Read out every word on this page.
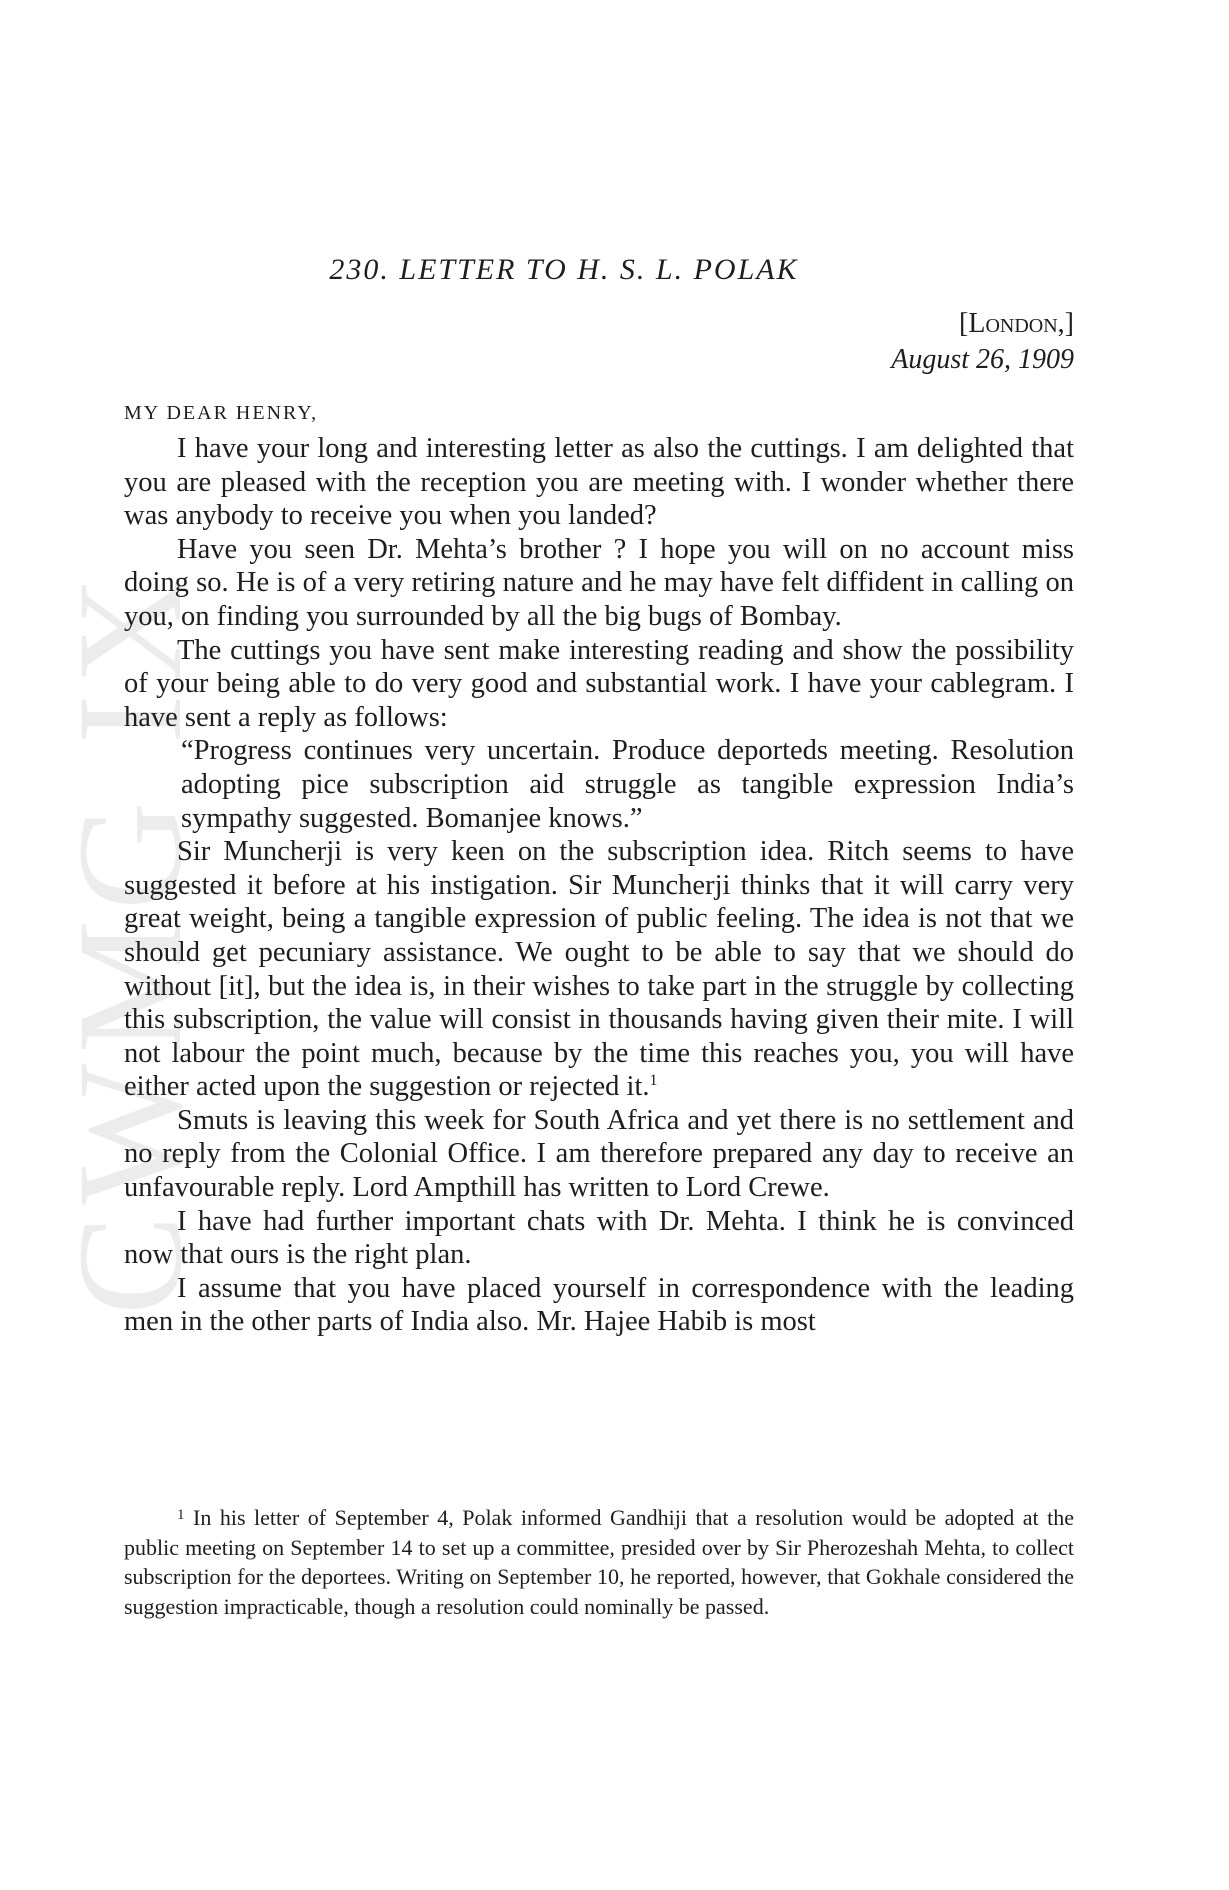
CWMG IX
230. LETTER TO H. S. L. POLAK
[London,]
August 26, 1909
MY DEAR HENRY,

I have your long and interesting letter as also the cuttings. I am delighted that you are pleased with the reception you are meeting with. I wonder whether there was anybody to receive you when you landed?

Have you seen Dr. Mehta’s brother ? I hope you will on no account miss doing so. He is of a very retiring nature and he may have felt diffident in calling on you, on finding you surrounded by all the big bugs of Bombay.

The cuttings you have sent make interesting reading and show the possibility of your being able to do very good and substantial work. I have your cablegram. I have sent a reply as follows:

“Progress continues very uncertain. Produce deporteds meeting. Resolution adopting pice subscription aid struggle as tangible expression India’s sympathy suggested. Bomanjee knows.”

Sir Muncherji is very keen on the subscription idea. Ritch seems to have suggested it before at his instigation. Sir Muncherji thinks that it will carry very great weight, being a tangible expression of public feeling. The idea is not that we should get pecuniary assistance. We ought to be able to say that we should do without [it], but the idea is, in their wishes to take part in the struggle by collecting this subscription, the value will consist in thousands having given their mite. I will not labour the point much, because by the time this reaches you, you will have either acted upon the suggestion or rejected it.$^1$

Smuts is leaving this week for South Africa and yet there is no settlement and no reply from the Colonial Office. I am therefore prepared any day to receive an unfavourable reply. Lord Ampthill has written to Lord Crewe.

I have had further important chats with Dr. Mehta. I think he is convinced now that ours is the right plan.

I assume that you have placed yourself in correspondence with the leading men in the other parts of India also. Mr. Hajee Habib is most

$^1$ In his letter of September 4, Polak informed Gandhiji that a resolution would be adopted at the public meeting on September 14 to set up a committee, presided over by Sir Pherozeshah Mehta, to collect subscription for the deportees. Writing on September 10, he reported, however, that Gokhale considered the suggestion impracticable, though a resolution could nominally be passed.
